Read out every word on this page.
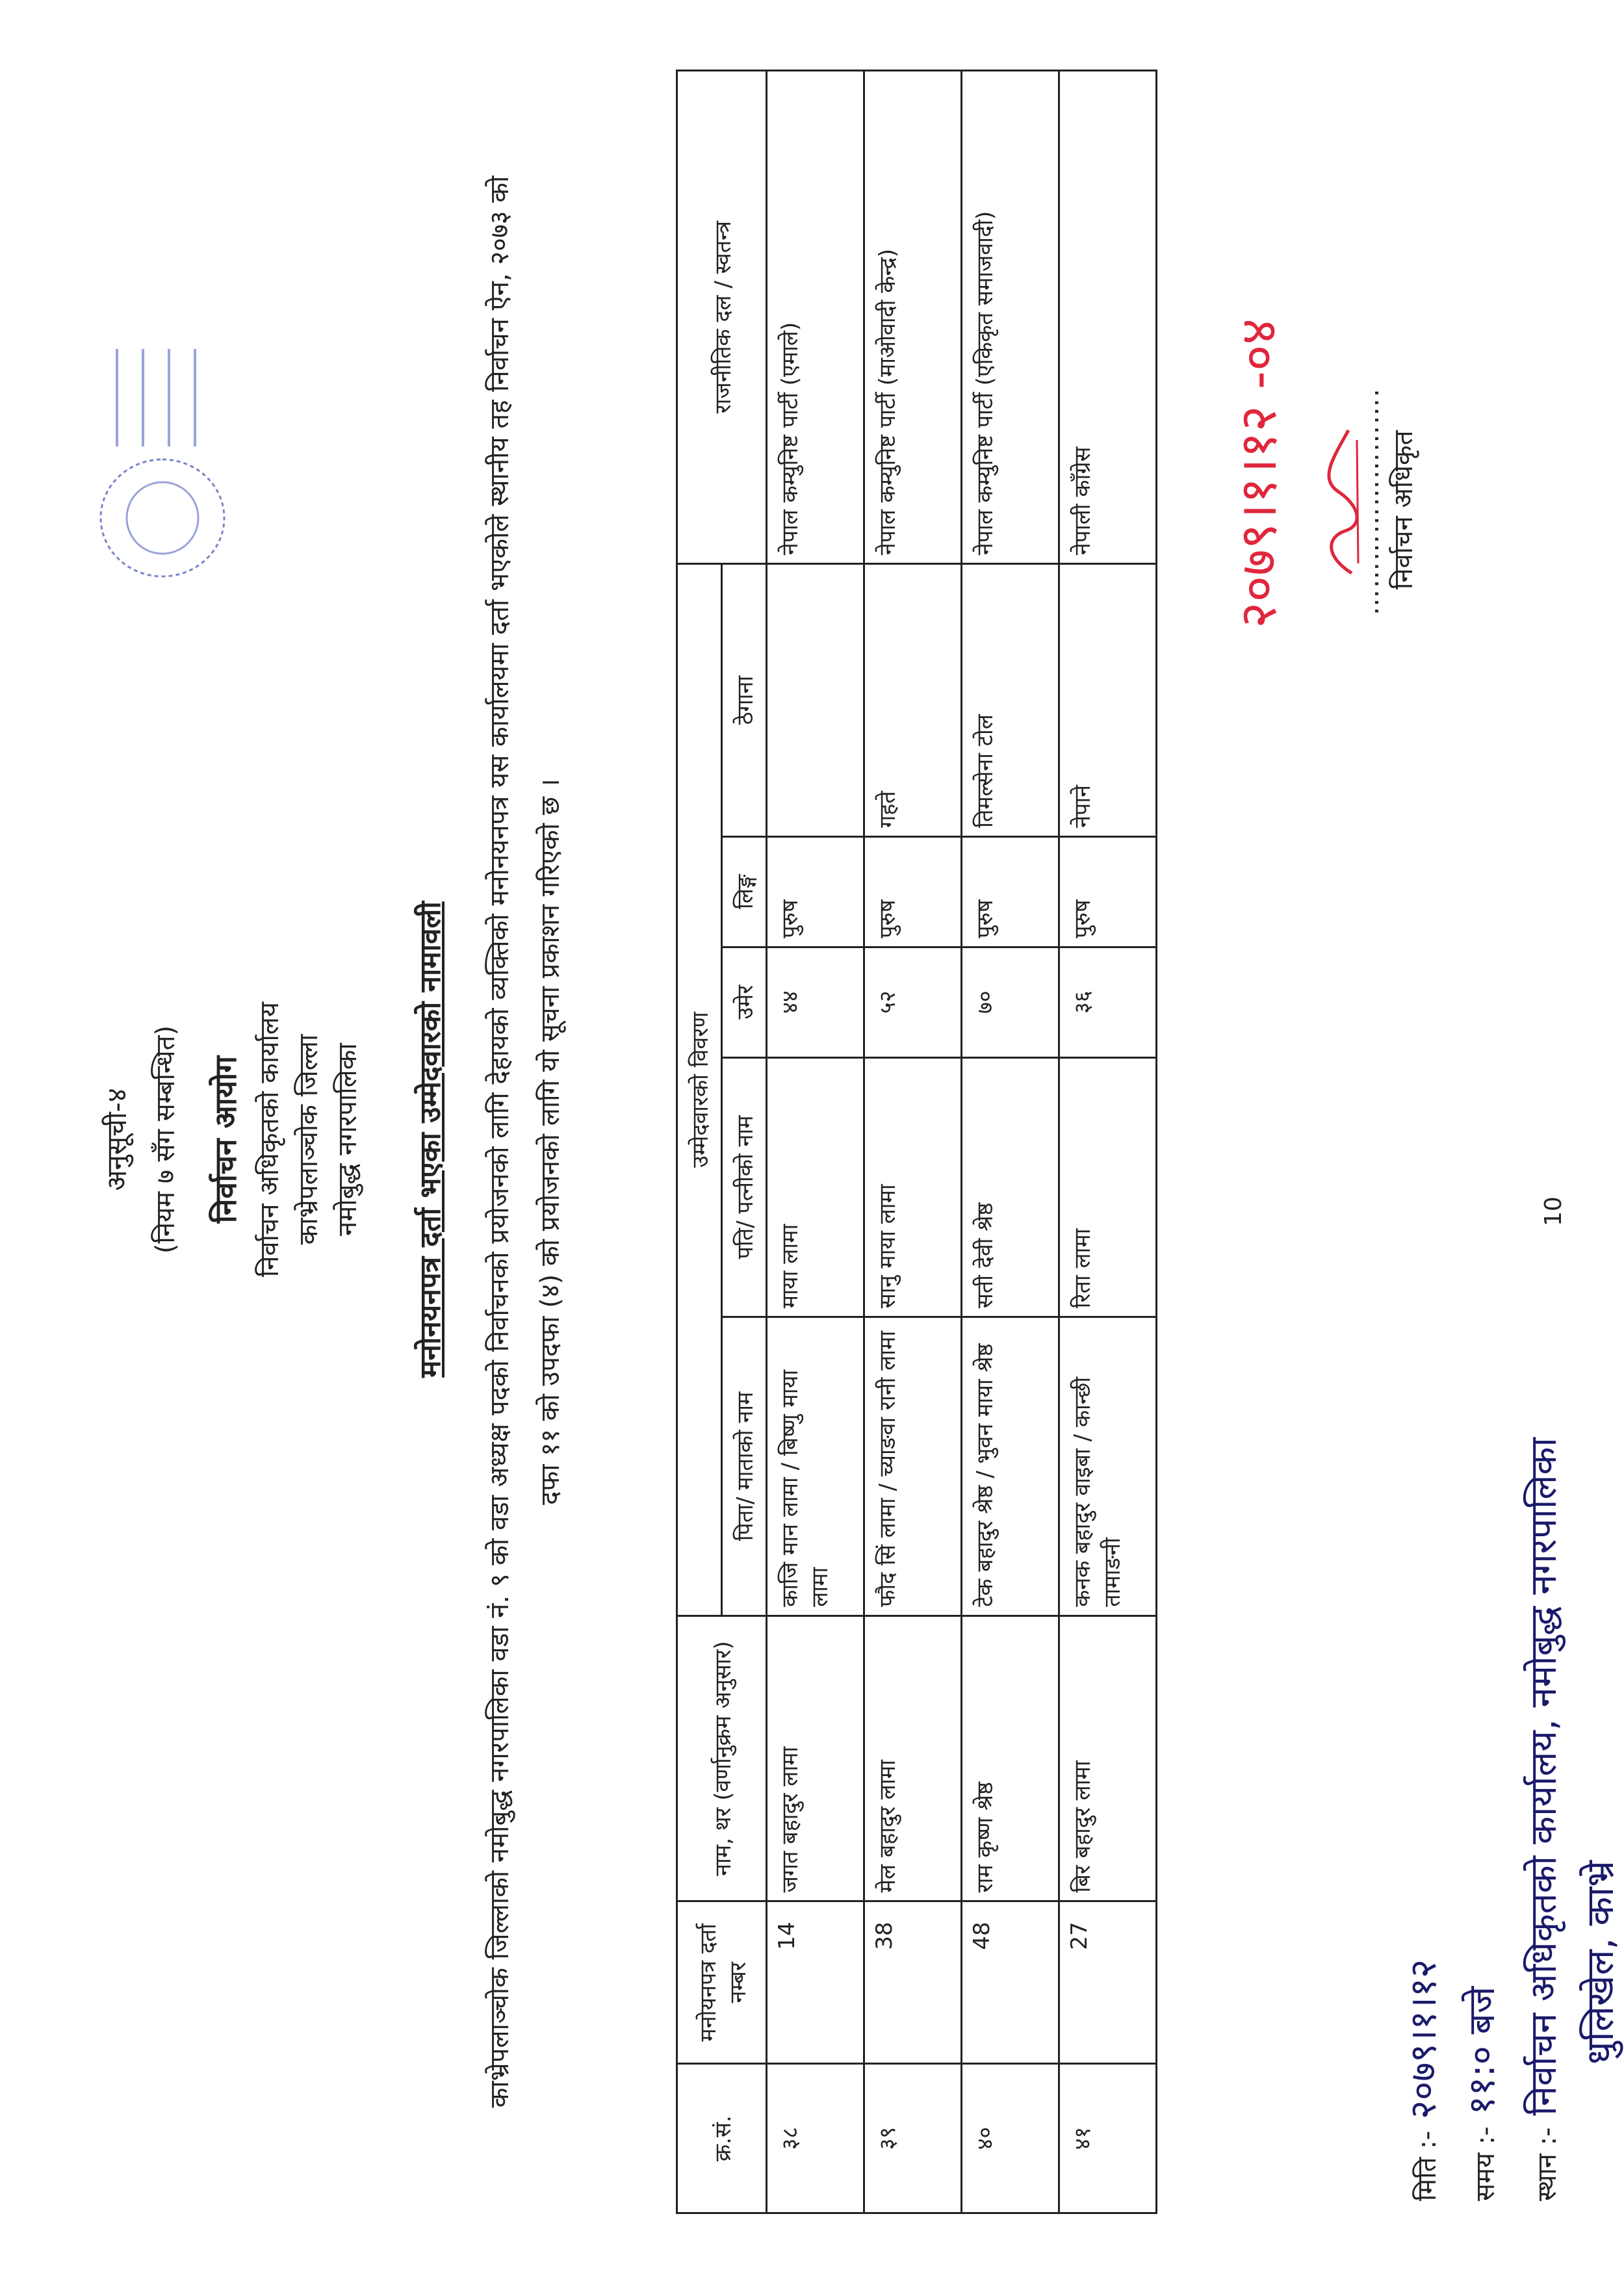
अनुसूची-४ (नियम ७ सँग सम्बन्धित) निर्वाचन आयोग निर्वाचन अधिकृतको कार्यालय काभ्रेपलाञ्चोक जिल्ला नमोबुद्ध नगरपालिका मनोनयनपत्र दर्ता भएका उम्मेदवारको नामावली	काभ्रेपलाञ्चोक जिल्लाको नमोबुद्ध नगरपालिका वडा नं. ९ को वडा अध्यक्ष पदको निर्वाचनको प्रयोजनको लागि देहायको व्यक्तिको मनोनयनपत्र यस कार्यालयमा दर्ता भएकोले स्थानीय तह निर्वाचन ऐन, २०७३ को दफा ११ को उपदफा (४) को प्रयोजनको लागि यो सूचना प्रकाशन गरिएको छ ।
क्र.सं.	मनोयनपत्र दर्ता नम्बर	नाम, थर (वर्णानुक्रम अनुसार)	उम्मेदवारको विवरण					राजनीतिक दल / स्वतन्त्र
			पिता/ माताको नाम	पति/ पत्नीको नाम	उमेर	लिङ्ग	ठेगाना	
३८	14	जगत बहादुर लामा	काजि मान लामा / बिष्णु माया लामा	माया लामा	४४	पुरुष		नेपाल कम्युनिष्ट पार्टी (एमाले)
३९	38	मेल बहादुर लामा	फौद सिं लामा / च्याङवा रानी लामा	सानु माया लामा	५२	पुरुष	गहते	नेपाल कम्युनिष्ट पार्टी (माओवादी केन्द्र)
४०	48	राम कृष्ण श्रेष्ठ	टेक बहादुर श्रेष्ठ / भुवन माया श्रेष्ठ	सती देवी श्रेष्ठ	७०	पुरुष	तिमल्सेना टोल	नेपाल कम्युनिष्ट पार्टी (एकिकृत समाजवादी)
४१	27	बिर बहादुर लामा	कनक बहादुर वाइबा / कान्छी तामाङनी	रिता लामा	३६	पुरुष	नेपाने	नेपाली काँग्रेस
मिति :- २०७९।१।१२
समय :- ११:० बजे
स्थान :- निर्वाचन अधिकृतको कार्यालय, नमोबुद्ध नगरपालिका धुलिखेल, काभ्रे
२०७९।१।१२ -०४	……………………. निर्वाचन अधिकृत
10
